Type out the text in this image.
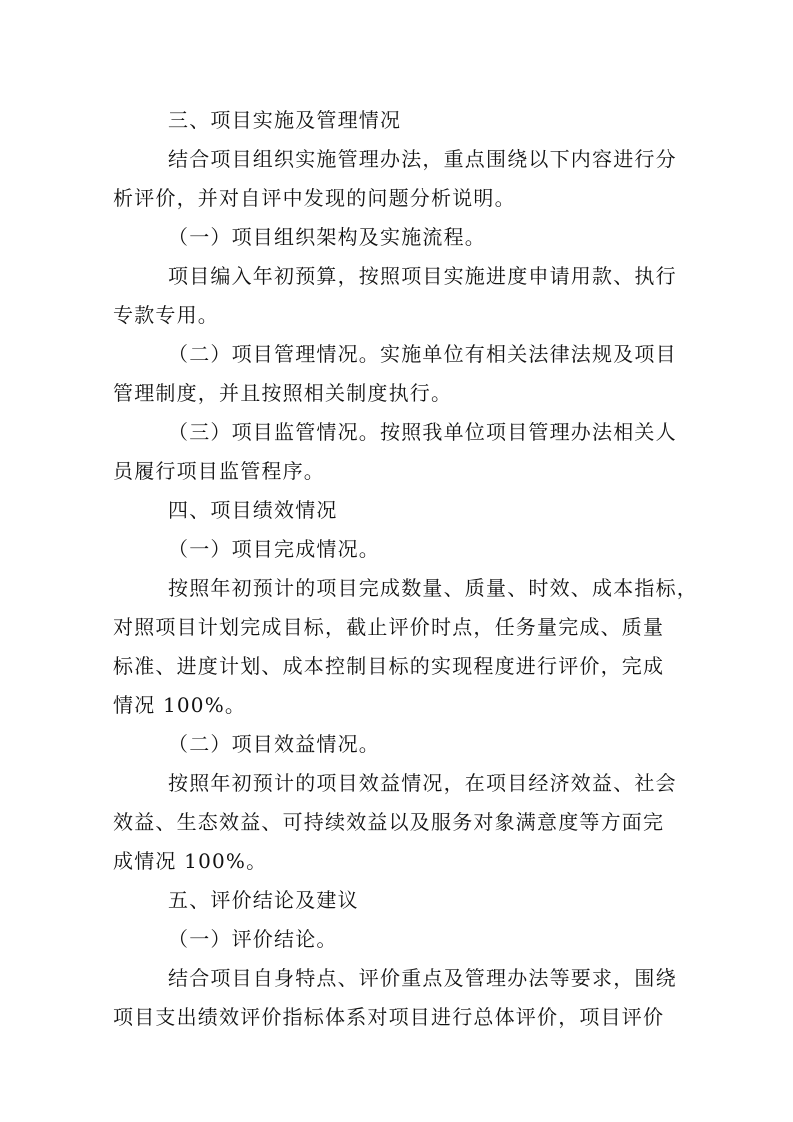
三、项目实施及管理情况

结合项目组织实施管理办法，重点围绕以下内容进行分

析评价，并对自评中发现的问题分析说明。

（一）项目组织架构及实施流程。

项目编入年初预算，按照项目实施进度申请用款、执行

专款专用。

（二）项目管理情况。实施单位有相关法律法规及项目

管理制度，并且按照相关制度执行。

（三）项目监管情况。按照我单位项目管理办法相关人

员履行项目监管程序。

四、项目绩效情况

（一）项目完成情况。

按照年初预计的项目完成数量、质量、时效、成本指标，

对照项目计划完成目标，截止评价时点，任务量完成、质量

标准、进度计划、成本控制目标的实现程度进行评价，完成

情况 100%。

（二）项目效益情况。

按照年初预计的项目效益情况，在项目经济效益、社会

效益、生态效益、可持续效益以及服务对象满意度等方面完

成情况 100%。

五、评价结论及建议

（一）评价结论。

结合项目自身特点、评价重点及管理办法等要求，围绕

项目支出绩效评价指标体系对项目进行总体评价，项目评价
